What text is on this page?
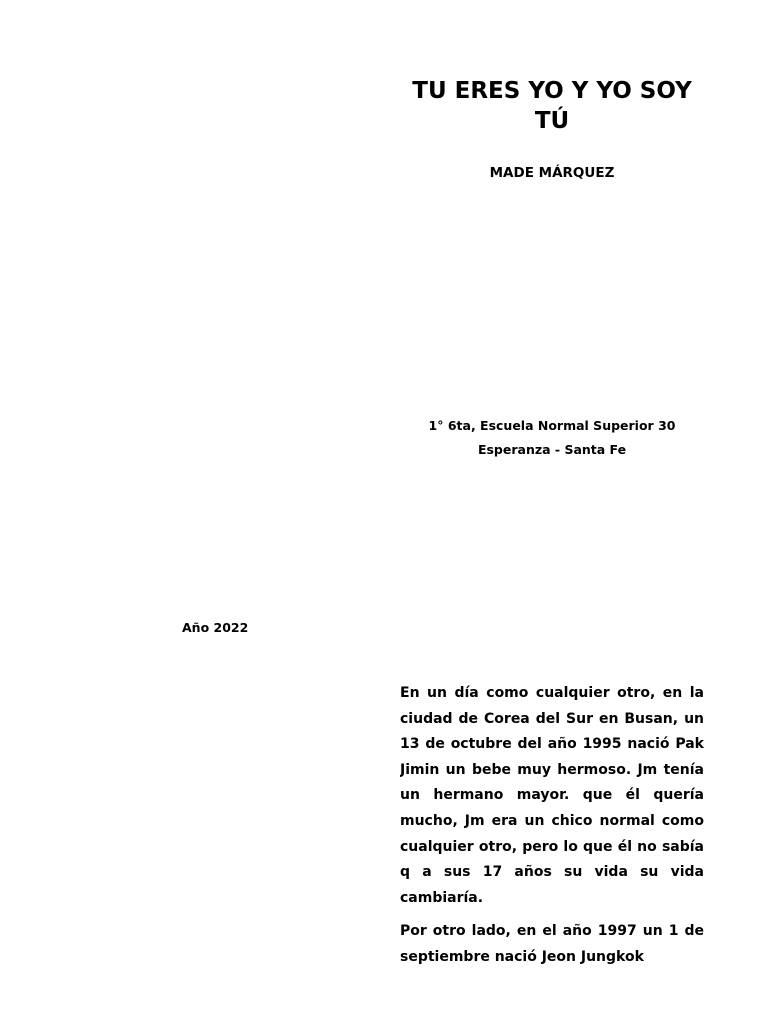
TU ERES YO Y YO SOY TÚ

MADE MÁRQUEZ

1° 6ta, Escuela Normal Superior 30
Esperanza - Santa Fe

Año 2022

En un día como cualquier otro, en la ciudad de Corea del Sur en Busan, un 13 de octubre del año 1995 nació Pak Jimin un bebe muy hermoso. Jm tenía un hermano mayor. que él quería mucho, Jm era un chico normal como cualquier otro, pero lo que él no sabía q a sus 17 años su vida su vida cambiaría.

Por otro lado, en el año 1997 un 1 de septiembre nació Jeon Jungkok
